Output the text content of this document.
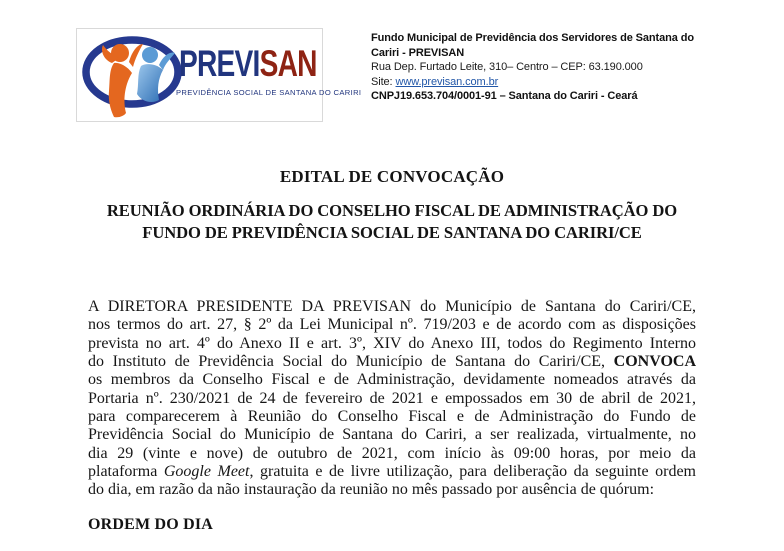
PREVISAN
PREVIDÊNCIA SOCIAL DE SANTANA DO CARIRI
Fundo Municipal de Previdência dos Servidores de Santana do
Cariri - PREVISAN
Rua Dep. Furtado Leite, 310– Centro – CEP: 63.190.000
Site: www.previsan.com.br
CNPJ19.653.704/0001-91 – Santana do Cariri - Ceará
EDITAL DE CONVOCAÇÃO
REUNIÃO ORDINÁRIA DO CONSELHO FISCAL DE ADMINISTRAÇÃO DO
FUNDO DE PREVIDÊNCIA SOCIAL DE SANTANA DO CARIRI/CE
A DIRETORA PRESIDENTE DA PREVISAN do Município de Santana do Cariri/CE,
nos termos do art. 27, § 2º da Lei Municipal nº. 719/203 e de acordo com as disposições
prevista no art. 4º do Anexo II e art. 3º, XIV do Anexo III, todos do Regimento Interno
do Instituto de Previdência Social do Município de Santana do Cariri/CE, CONVOCA
os membros da Conselho Fiscal e de Administração, devidamente nomeados através da
Portaria nº. 230/2021 de 24 de fevereiro de 2021 e empossados em 30 de abril de 2021,
para comparecerem à Reunião do Conselho Fiscal e de Administração do Fundo de
Previdência Social do Município de Santana do Cariri, a ser realizada, virtualmente, no
dia 29 (vinte e nove) de outubro de 2021, com início às 09:00 horas, por meio da
plataforma Google Meet, gratuita e de livre utilização, para deliberação da seguinte ordem
do dia, em razão da não instauração da reunião no mês passado por ausência de quórum:
ORDEM DO DIA
